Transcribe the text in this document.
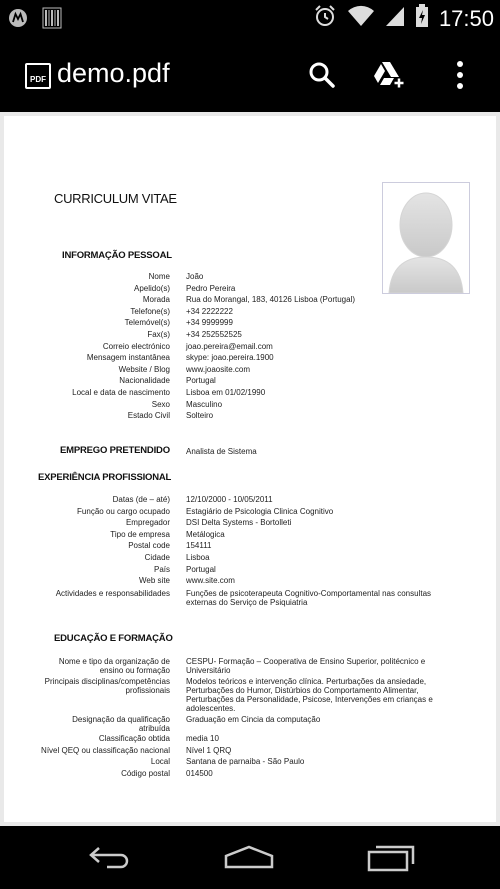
17:50
PDF demo.pdf
CURRICULUM VITAE
INFORMAÇÃO PESSOAL
Nome João
Apelido(s) Pedro Pereira
Morada Rua do Morangal, 183, 40126 Lisboa (Portugal)
Telefone(s) +34 2222222
Telemóvel(s) +34 9999999
Fax(s) +34 252552525
Correio electrónico joao.pereira@email.com
Mensagem instantânea skype: joao.pereira.1900
Website / Blog www.joaosite.com
Nacionalidade Portugal
Local e data de nascimento Lisboa em 01/02/1990
Sexo Masculino
Estado Civil Solteiro
EMPREGO PRETENDIDO Analista de Sistema
EXPERIÊNCIA PROFISSIONAL
Datas (de – até) 12/10/2000 - 10/05/2011
Função ou cargo ocupado Estagiário de Psicologia Clinica Cognitivo
Empregador DSI Delta Systems - Bortolleti
Tipo de empresa Metálogica
Postal code 154111
Cidade Lisboa
País Portugal
Web site www.site.com
Actividades e responsabilidades Funções de psicoterapeuta Cognitivo-Comportamental nas consultas
externas do Serviço de Psiquiatria
EDUCAÇÃO E FORMAÇÃO
Nome e tipo da organização de
ensino ou formação
CESPU- Formação – Cooperativa de Ensino Superior, politécnico e
Universitário
Principais disciplinas/competências
profissionais
Modelos teóricos e intervenção clínica. Perturbações da ansiedade,
Perturbações do Humor, Distúrbios do Comportamento Alimentar,
Perturbações da Personalidade, Psicose, Intervenções em crianças e
adolescentes.
Designação da qualificação
atribuída
Graduação em Cincia da computação
Classificação obtida media 10
Nível QEQ ou classificação nacional Nível 1 QRQ
Local Santana de parnaiba - São Paulo
Código postal 014500
